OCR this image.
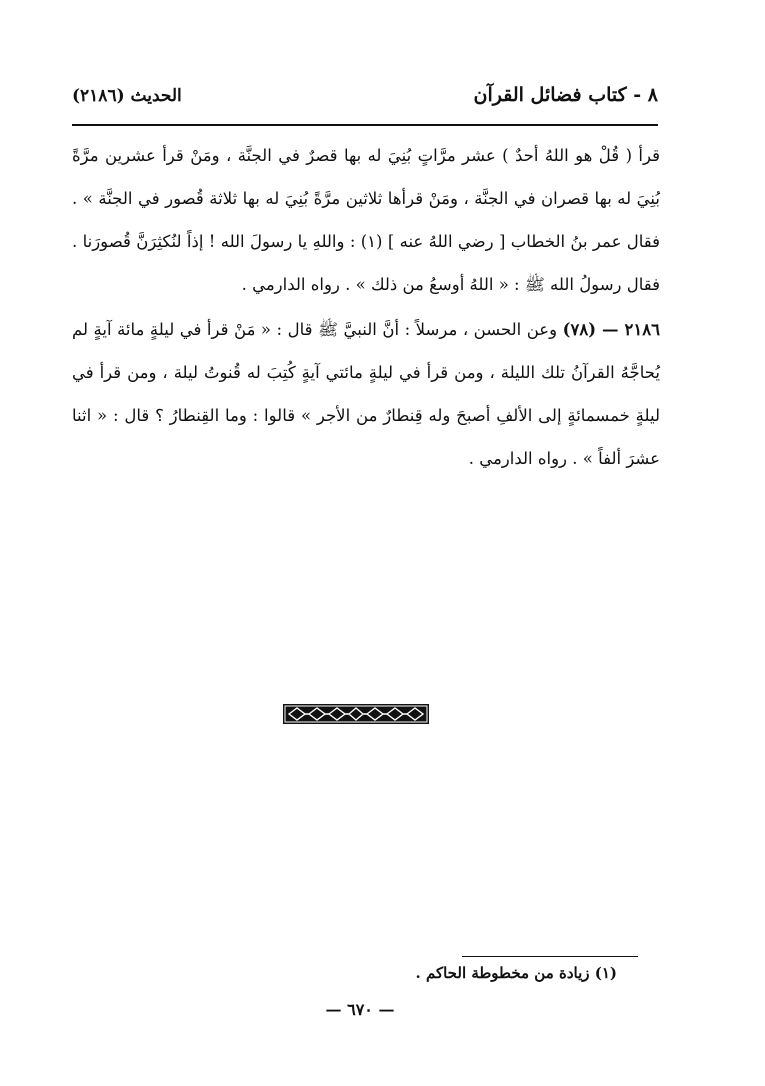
٨ - كتاب فضائل القرآن
الحديث (٢١٨٦)

قرأ ( قُلْ هو اللهُ أحدٌ ) عشر مرَّاتٍ بُنِيَ له بها قصرٌ في الجنَّة ، ومَنْ قرأ عشرين مرَّةً بُنِيَ له بها قصران في الجنَّة ، ومَنْ قرأها ثلاثين مرَّةً بُنِيَ له بها ثلاثة قُصور في الجنَّة » . فقال عمر بنُ الخطاب [ رضي اللهُ عنه ] (١) : واللهِ يا رسولَ الله ! إذاً لنُكثِرَنَّ قُصورَنا . فقال رسولُ الله ﷺ : « اللهُ أوسعُ من ذلك » . رواه الدارمي .

٢١٨٦ — (٧٨) وعن الحسن ، مرسلاً : أنَّ النبيَّ ﷺ قال : « مَنْ قرأ في ليلةٍ مائة آيةٍ لم يُحاجَّهُ القرآنُ تلك الليلة ، ومن قرأ في ليلةٍ مائتي آيةٍ كُتِبَ له قُنوتُ ليلة ، ومن قرأ في ليلةٍ خمسمائةٍ إلى الألفِ أصبحَ وله قِنطارٌ من الأجر » قالوا : وما القِنطارُ ؟ قال : « اثنا عشرَ ألفاً » . رواه الدارمي .

(١) زيادة من مخطوطة الحاكم .
— ٦٧٠ —
